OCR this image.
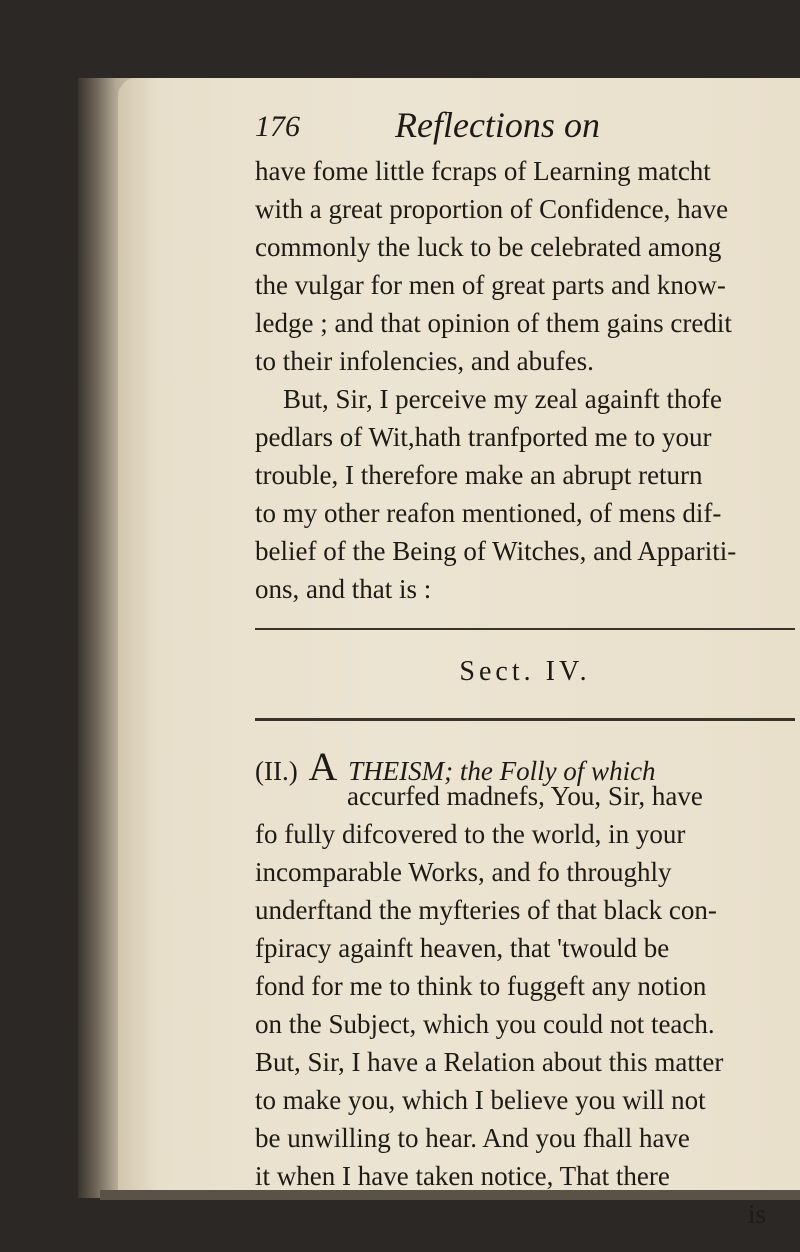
176	Reflections on
have fome little fcraps of Learning matcht
with a great proportion of Confidence, have
commonly the luck to be celebrated among
the vulgar for men of great parts and know-
ledge ; and that opinion of them gains credit
to their infolencies, and abufes.
But, Sir, I perceive my zeal againft thofe
pedlars of Wit,hath tranfported me to your
trouble, I therefore make an abrupt return
to my other reafon mentioned, of mens dif-
belief of the Being of Witches, and Appariti-
ons, and that is :
Sect. IV.
(II.) A THEISM; the Folly of which
accurfed madnefs, You, Sir, have
fo fully difcovered to the world, in your
incomparable Works, and fo throughly
underftand the myfteries of that black con-
fpiracy againft heaven, that 'twould be
fond for me to think to fuggeft any notion
on the Subject, which you could not teach.
But, Sir, I have a Relation about this matter
to make you, which I believe you will not
be unwilling to hear. And you fhall have
it when I have taken notice, That there
is
